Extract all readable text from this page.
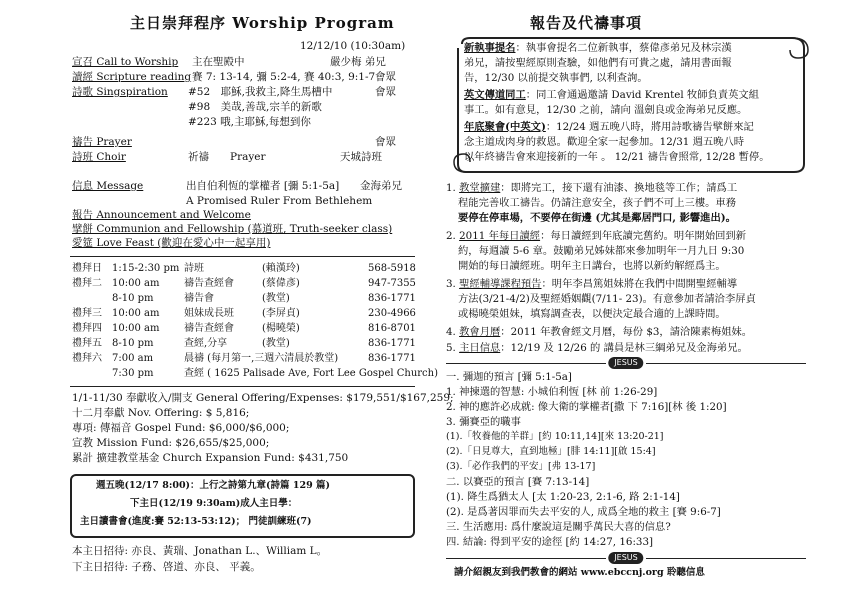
主日崇拜程序 Worship Program
12/12/10 (10:30am)
宣召 Call to Worship 主在聖殿中	嚴少梅 弟兄
讀經 Scripture reading 賽 7: 13-14, 彌 5:2-4, 賽 40:3, 9:1-7 會眾
詩歌 Singspiration #52　耶穌,我救主,降生馬槽中	會眾
#98　美哉,善哉,宗羊的新歌
#223 哦,主耶穌,每想到你
禱告 Prayer	會眾
詩班 Choir	祈禱　　Prayer	天城詩班
信息 Message	出自伯利恆的掌權者 [彌 5:1-5a] 金海弟兄
A Promised Ruler From Bethlehem
報告 Announcement and Welcome
擘餅 Communion and Fellowship (慕道班, Truth-seeker class)
愛筵 Love Feast (歡迎在愛心中一起享用)
禮拜日 1:15-2:30 pm 詩班	(賴漢玲)	568-5918
禮拜二 10:00 am 禱告查經會	(蔡偉彥)	947-7355
8-10 pm	禱告會	(教堂)	836-1771
禮拜三 10:00 am 姐妹成長班	(李屏貞)	230-4966
禮拜四 10:00 am 禱告查經會	(楊曉榮)	816-8701
禮拜五 8-10 pm	查經,分享	(教堂)	836-1771
禮拜六 7:00 am	晨禱 (每月第一,三週六清晨於教堂)	836-1771
7:30 pm	查經 ( 1625 Palisade Ave, Fort Lee Gospel Church)
1/1-11/30 奉獻收入/開支 General Offering/Expenses: $179,551/$167,259;
十二月奉獻 Nov. Offering: $ 5,816;
專項: 傳福音 Gospel Fund: $6,000/$6,000;
宣教 Mission Fund: $26,655/$25,000;
累計 擴建教堂基金 Church Expansion Fund: $431,750
週五晚(12/17 8:00)：上行之詩第九章(詩篇 129 篇)
下主日(12/19 9:30am)成人主日學：
主日讀書會(進度:賽 52:13-53:12)； 門徒訓練班(7)
本主日招待: 亦良、黃瑞、Jonathan L.、William L。
下主日招待: 子務、啓道、亦良、 平義。
報告及代禱事項
新執事提名：執事會提名二位新執事，蔡偉彥弟兄及林宗漢
弟兄，請按聖經原則查驗，如他們有可貴之處，請用書面報
告，12/30 以前提交執事們, 以利查詢。
英文傳道同工：同工會通過邀請 David Krentel 牧師負責英文組
事工。如有意見，12/30 之前，請向 溫劍良或金海弟兄反應。
年底聚會(中英文)：12/24 週五晚八時，將用詩歌禱告擘餅來記
念主道成肉身的救恩。歡迎全家一起參加。12/31 週五晚八時
以年終禱告會來迎接新的一年 。 12/21 禱告會照常, 12/28 暫停。
1. 教堂擴建：即將完工，接下還有油漆、換地毯等工作；請爲工
程能完善收工禱告。仍請注意安全，孩子們不可上三樓。車務
要停在停車場，不要停在街邊 (尤其是鄰居門口, 影響進出)。
2. 2011 年每日讀經：每日讀經到年底讀完舊約。明年開始回到新
約，每週讀 5-6 章。鼓勵弟兄姊妹都來參加明年一月九日 9:30
開始的每日讀經班。明年主日講台，也將以新約解經爲主。
3. 聖經輔導課程預告：明年李昌篤姐妹將在我們中間開聖經輔導
方法(3/21-4/2)及聖經婚姻觀(7/11- 23)。有意參加者請洽李屏貞
或楊曉榮姐妹，填寫調查表，以便決定最合適的上課時間。
4. 教會月曆：2011 年教會經文月曆，每份 $3，請洽陳素梅姐妹。
5. 主日信息：12/19 及 12/26 的 講員是林三綱弟兄及金海弟兄。
JESUS
一. 彌迦的預言 [彌 5:1-5a]
1. 神揀選的智慧: 小城伯利恆 [林 前 1:26-29]
2. 神的應許必成就: 像大衛的掌權者[撒 下 7:16][林 後 1:20]
3. 彌賽亞的職事
(1).「牧養他的羊群」[約 10:11,14][來 13:20-21]
(2).「日見尊大，直到地極」[腓 14:11][啟 15:4]
(3).「必作我們的平安」[弗 13-17]
二. 以賽亞的預言 [賽 7:13-14]
(1). 降生爲猶太人 [太 1:20-23, 2:1-6, 路 2:1-14]
(2). 是爲著因罪而失去平安的人, 成爲全地的救主 [賽 9:6-7]
三. 生活應用: 爲什麼說這是關乎萬民大喜的信息?
四. 結論: 得到平安的途徑 [約 14:27, 16:33]
JESUS
請介紹親友到我們教會的網站 www.ebccnj.org 聆聽信息
